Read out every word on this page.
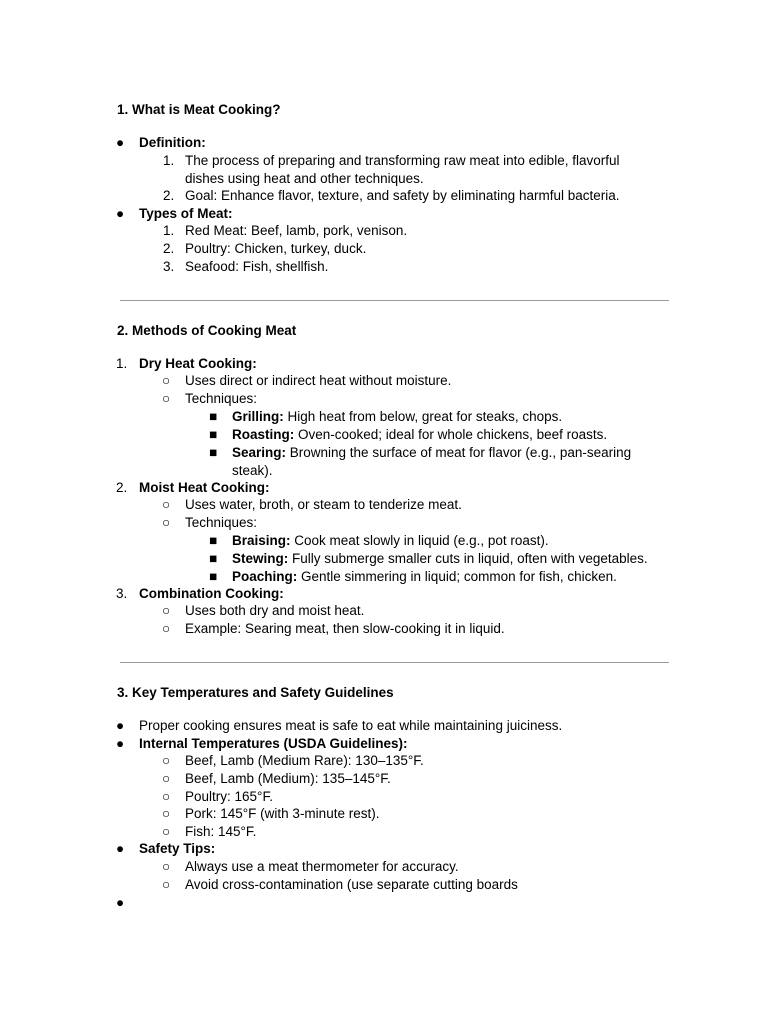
1. What is Meat Cooking?
● Definition:
1. The process of preparing and transforming raw meat into edible, flavorful dishes using heat and other techniques.
2. Goal: Enhance flavor, texture, and safety by eliminating harmful bacteria.
● Types of Meat:
1. Red Meat: Beef, lamb, pork, venison.
2. Poultry: Chicken, turkey, duck.
3. Seafood: Fish, shellfish.
2. Methods of Cooking Meat
1. Dry Heat Cooking:
○ Uses direct or indirect heat without moisture.
○ Techniques:
■ Grilling: High heat from below, great for steaks, chops.
■ Roasting: Oven-cooked; ideal for whole chickens, beef roasts.
■ Searing: Browning the surface of meat for flavor (e.g., pan-searing steak).
2. Moist Heat Cooking:
○ Uses water, broth, or steam to tenderize meat.
○ Techniques:
■ Braising: Cook meat slowly in liquid (e.g., pot roast).
■ Stewing: Fully submerge smaller cuts in liquid, often with vegetables.
■ Poaching: Gentle simmering in liquid; common for fish, chicken.
3. Combination Cooking:
○ Uses both dry and moist heat.
○ Example: Searing meat, then slow-cooking it in liquid.
3. Key Temperatures and Safety Guidelines
● Proper cooking ensures meat is safe to eat while maintaining juiciness.
● Internal Temperatures (USDA Guidelines):
○ Beef, Lamb (Medium Rare): 130–135°F.
○ Beef, Lamb (Medium): 135–145°F.
○ Poultry: 165°F.
○ Pork: 145°F (with 3-minute rest).
○ Fish: 145°F.
● Safety Tips:
○ Always use a meat thermometer for accuracy.
○ Avoid cross-contamination (use separate cutting boards
●
